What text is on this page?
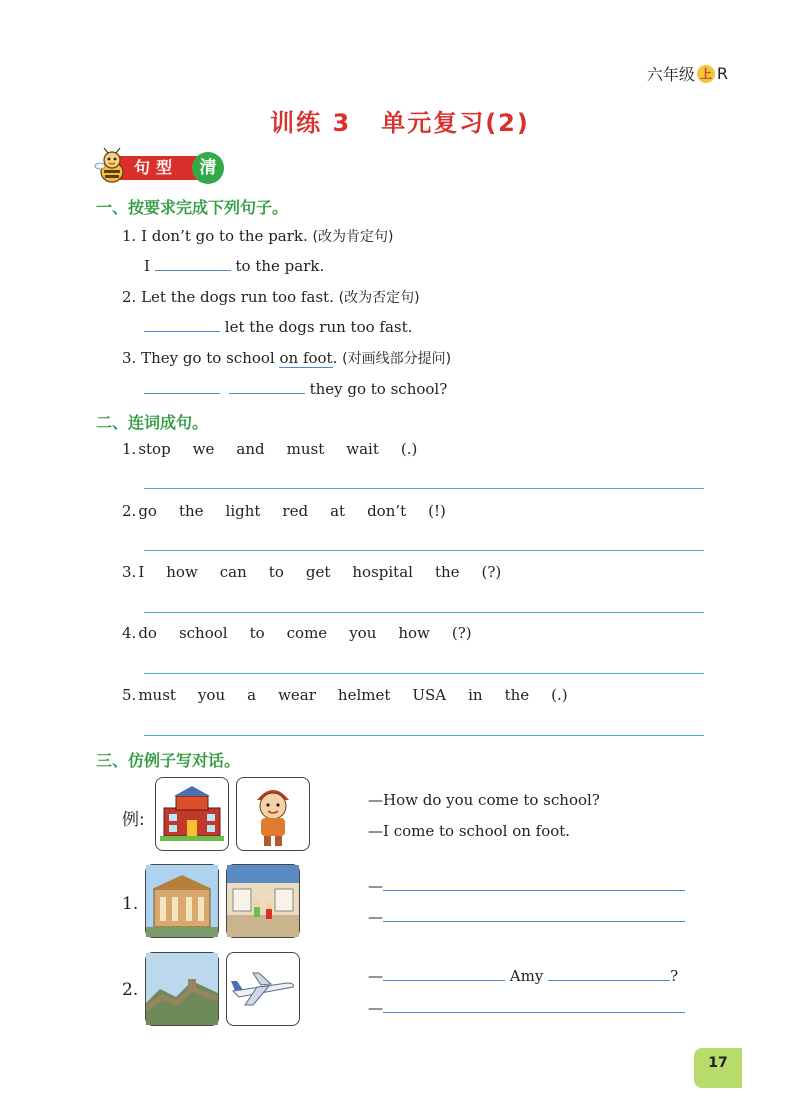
六年级 上 R
训练 3 单元复习(2)
句型	清
一、按要求完成下列句子。
1. I don’t go to the park. (改为肯定句)
I	to the park.
2. Let the dogs run too fast. (改为否定句)
let the dogs run too fast.
3. They go to school on foot. (对画线部分提问)
they go to school?
二、连词成句。
1. stop we and must wait (.)
2. go the light red at don’t (!)
3. I how can to get hospital the (?)
4. do school to come you how (?)
5. must you a wear helmet USA in the (.)
三、仿例子写对话。
例:
—How do you come to school?
—I come to school on foot.
1.
—
—
2.
—	Amy	?
—
17
